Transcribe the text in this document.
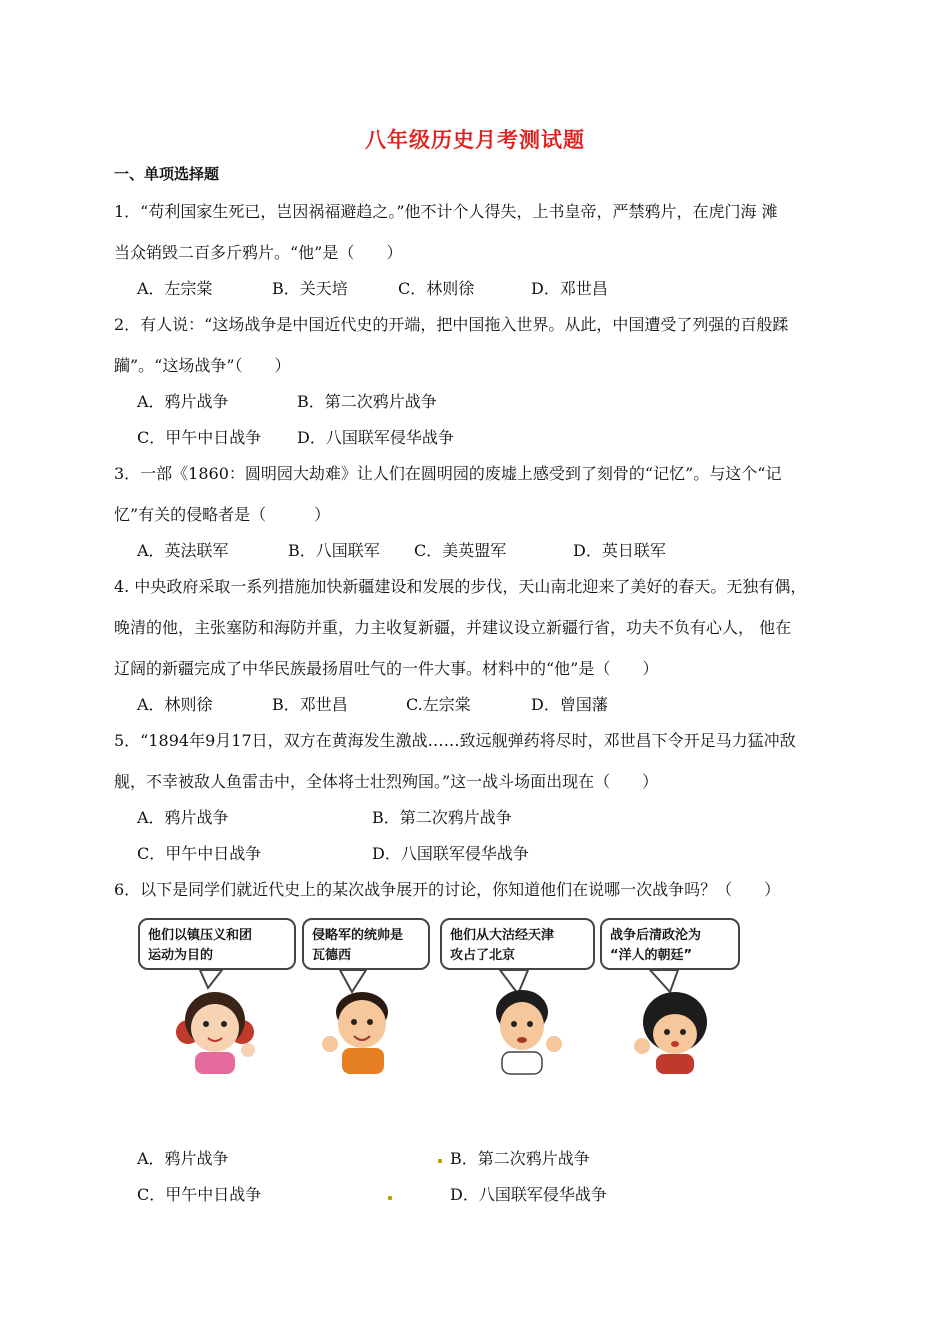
八年级历史月考测试题
一、单项选择题
1．“苟利国家生死已，岂因祸福避趋之。”他不计个人得失，上书皇帝，严禁鸦片，在虎门海 滩
当众销毁二百多斤鸦片。“他”是（　　）
A．左宗棠	B．关天培	C．林则徐	D．邓世昌
2．有人说：“这场战争是中国近代史的开端，把中国拖入世界。从此，中国遭受了列强的百般蹂
躏”。“这场战争”（　　）
A．鸦片战争	B．第二次鸦片战争
C．甲午中日战争 D．八国联军侵华战争
3．一部《1860：圆明园大劫难》让人们在圆明园的废墟上感受到了刻骨的“记忆”。与这个“记
忆”有关的侵略者是（　　　）
A．英法联军	B．八国联军 C．美英盟军	D．英日联军
4. 中央政府采取一系列措施加快新疆建设和发展的步伐，天山南北迎来了美好的春天。无独有偶，
晚清的他，主张塞防和海防并重，力主收复新疆，并建议设立新疆行省，功夫不负有心人， 他在
辽阔的新疆完成了中华民族最扬眉吐气的一件大事。材料中的“他”是（　　）
A．林则徐	B．邓世昌	C.左宗棠	D．曾国藩
5．“1894年9月17日，双方在黄海发生激战……致远舰弹药将尽时，邓世昌下令开足马力猛冲敌
舰，不幸被敌人鱼雷击中，全体将士壮烈殉国。”这一战斗场面出现在（　　）
A．鸦片战争	B．第二次鸦片战争
C．甲午中日战争	D．八国联军侵华战争
6．以下是同学们就近代史上的某次战争展开的讨论，你知道他们在说哪一次战争吗？（　　）
他们以镇压义和团
运动为目的
侵略军的统帅是
瓦德西
他们从大沽经天津
攻占了北京
战争后清政沦为
“洋人的朝廷”
A．鸦片战争	B．第二次鸦片战争
C．甲午中日战争	D．八国联军侵华战争
